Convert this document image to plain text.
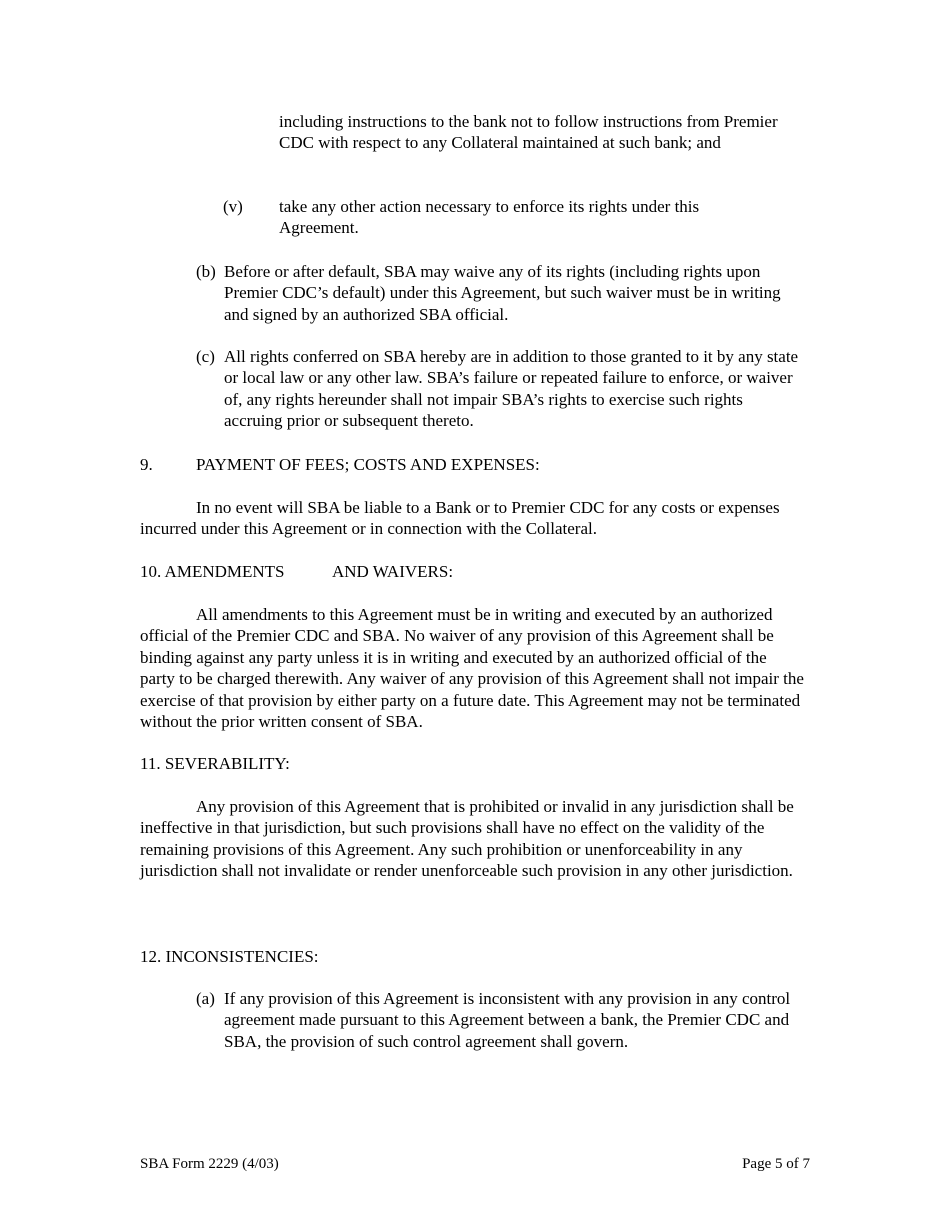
including instructions to the bank not to follow instructions from Premier CDC with respect to any Collateral maintained at such bank; and

(v) take any other action necessary to enforce its rights under this Agreement.
(b) Before or after default, SBA may waive any of its rights (including rights upon Premier CDC’s default) under this Agreement, but such waiver must be in writing and signed by an authorized SBA official.
(c) All rights conferred on SBA hereby are in addition to those granted to it by any state or local law or any other law. SBA’s failure or repeated failure to enforce, or waiver of, any rights hereunder shall not impair SBA’s rights to exercise such rights accruing prior or subsequent thereto.
9.	PAYMENT OF FEES; COSTS AND EXPENSES:

In no event will SBA be liable to a Bank or to Premier CDC for any costs or expenses incurred under this Agreement or in connection with the Collateral.

10. AMENDMENTS	AND WAIVERS:

All amendments to this Agreement must be in writing and executed by an authorized official of the Premier CDC and SBA. No waiver of any provision of this Agreement shall be binding against any party unless it is in writing and executed by an authorized official of the party to be charged therewith. Any waiver of any provision of this Agreement shall not impair the exercise of that provision by either party on a future date. This Agreement may not be terminated without the prior written consent of SBA.

11. SEVERABILITY:

Any provision of this Agreement that is prohibited or invalid in any jurisdiction shall be ineffective in that jurisdiction, but such provisions shall have no effect on the validity of the remaining provisions of this Agreement. Any such prohibition or unenforceability in any jurisdiction shall not invalidate or render unenforceable such provision in any other jurisdiction.

12. INCONSISTENCIES:

(a) If any provision of this Agreement is inconsistent with any provision in any control agreement made pursuant to this Agreement between a bank, the Premier CDC and SBA, the provision of such control agreement shall govern.
SBA Form 2229 (4/03)	Page 5 of 7
